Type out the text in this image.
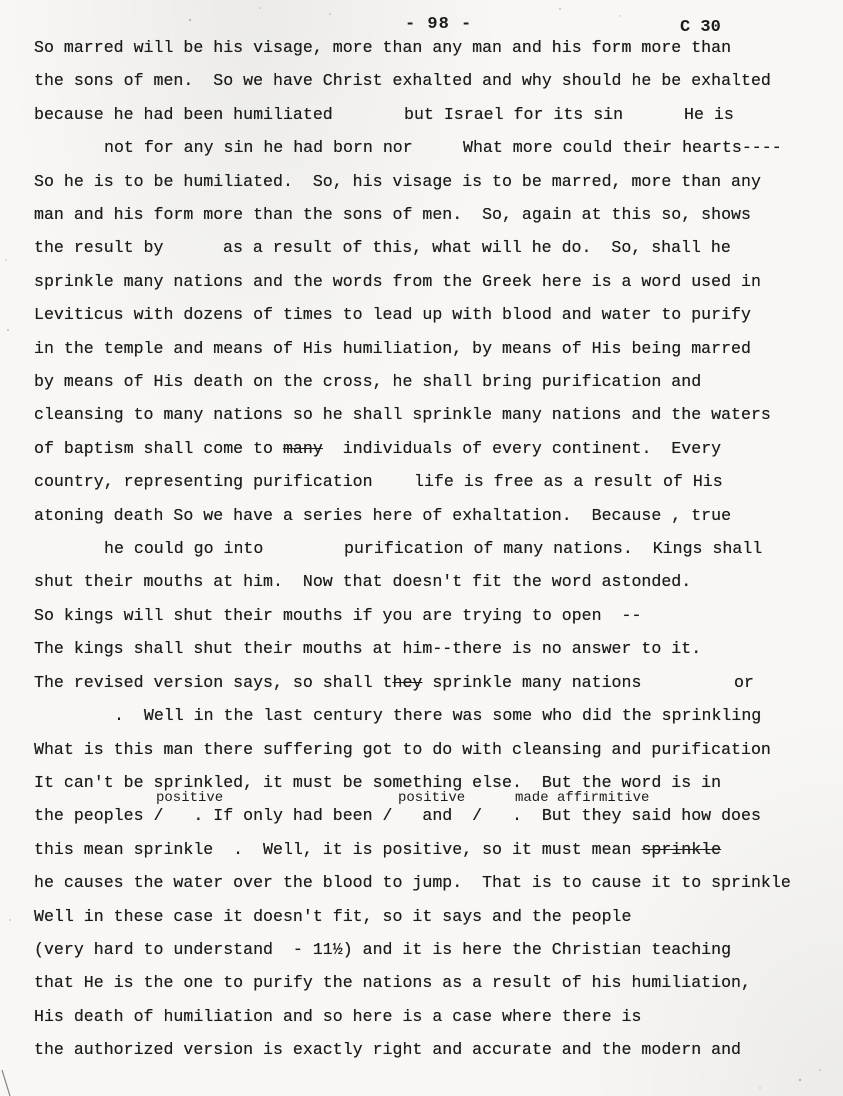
- 98 -	C 30
So marred will be his visage, more than any man and his form more than
the sons of men.  So we have Christ exhalted and why should he be exhalted
because he had been humiliated	but Israel for its sin	He is
not for any sin he had born nor	What more could their hearts----
So he is to be humiliated.  So, his visage is to be marred, more than any
man and his form more than the sons of men.  So, again at this so, shows
the result by	as a result of this, what will he do.  So, shall he
sprinkle many nations and the words from the Greek here is a word used in
Leviticus with dozens of times to lead up with blood and water to purify
in the temple and means of His humiliation, by means of His being marred
by means of His death on the cross, he shall bring purification and
cleansing to many nations so he shall sprinkle many nations and the waters
of baptism shall come to many individuals of every continent.  Every
country, representing purification life is free as a result of His
atoning death So we have a series here of exhaltation.  Because , true
he could go into	purification of many nations.  Kings shall
shut their mouths at him.  Now that doesn't fit the word astonded.
So kings will shut their mouths if you are trying to open  --
The kings shall shut their mouths at him--there is no answer to it.
The revised version says, so shall they sprinkle many nations	or
.  Well in the last century there was some who did the sprinkling
What is this man there suffering got to do with cleansing and purification
It can't be sprinkled, it must be something else.  But the word is in
positive	positive	made affirmitive
the peoples /   . If only had been /   and  /   .  But they said how does
this mean sprinkle  .  Well, it is positive, so it must mean sprinkle
he causes the water over the blood to jump.  That is to cause it to sprinkle
Well in these case it doesn't fit, so it says and the people
(very hard to understand  - 11½) and it is here the Christian teaching
that He is the one to purify the nations as a result of his humiliation,
His death of humiliation and so here is a case where there is
the authorized version is exactly right and accurate and the modern and
